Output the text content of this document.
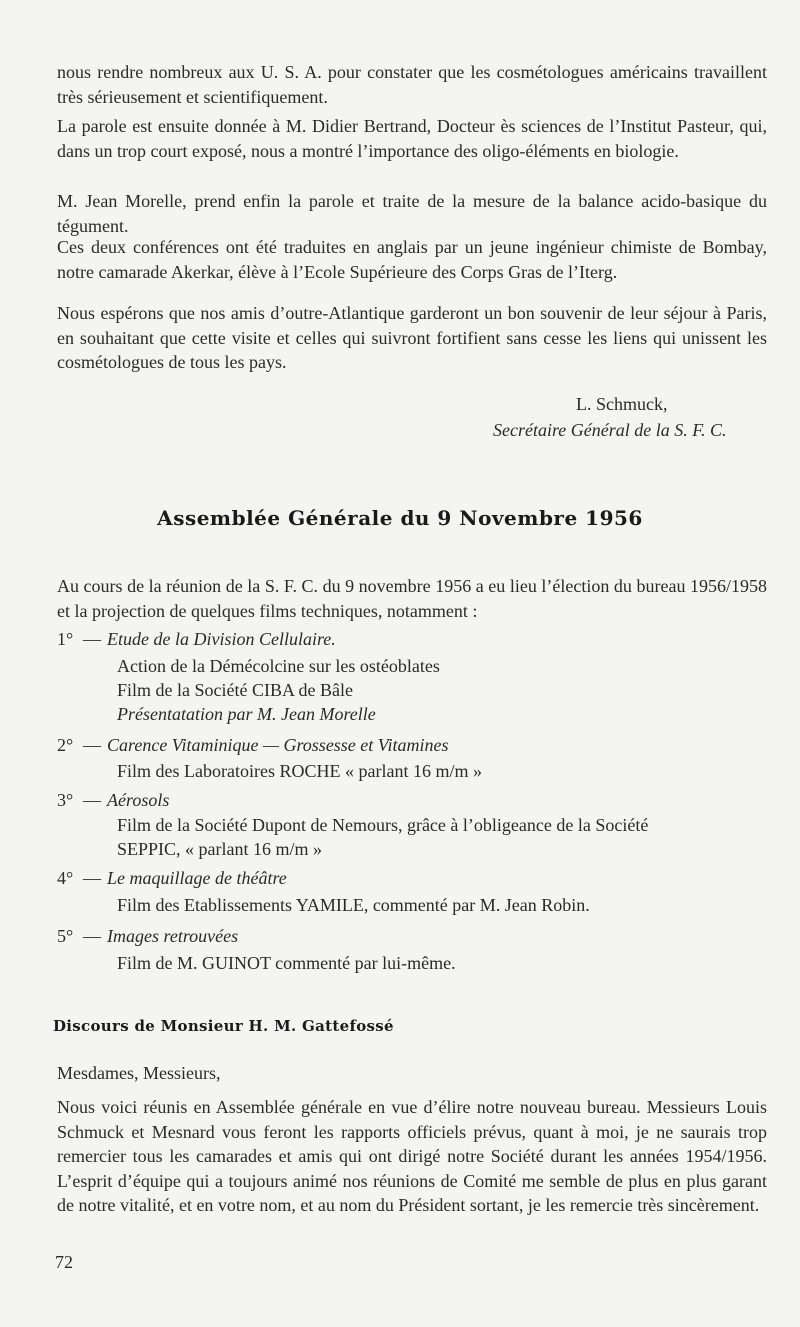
nous rendre nombreux aux U. S. A. pour constater que les cosmétologues américains travaillent très sérieusement et scientifiquement.

La parole est ensuite donnée à M. Didier Bertrand, Docteur ès sciences de l’Institut Pasteur, qui, dans un trop court exposé, nous a montré l’importance des oligo-éléments en biologie.

M. Jean Morelle, prend enfin la parole et traite de la mesure de la balance acido-basique du tégument.

Ces deux conférences ont été traduites en anglais par un jeune ingénieur chimiste de Bombay, notre camarade Akerkar, élève à l’Ecole Supérieure des Corps Gras de l’Iterg.

Nous espérons que nos amis d’outre-Atlantique garderont un bon souvenir de leur séjour à Paris, en souhaitant que cette visite et celles qui suivront fortifient sans cesse les liens qui unissent les cosmétologues de tous les pays.

L. Schmuck,
Secrétaire Général de la S. F. C.
Assemblée Générale du 9 Novembre 1956

Au cours de la réunion de la S. F. C. du 9 novembre 1956 a eu lieu l’élection du bureau 1956/1958 et la projection de quelques films techniques, notamment :

1° — Etude de la Division Cellulaire.
Action de la Démécolcine sur les ostéoblates
Film de la Société CIBA de Bâle
Présentatation par M. Jean Morelle
2° — Carence Vitaminique — Grossesse et Vitamines
Film des Laboratoires ROCHE « parlant 16 m/m »
3° — Aérosols
Film de la Société Dupont de Nemours, grâce à l’obligeance de la Société
SEPPIC, « parlant 16 m/m »
4° — Le maquillage de théâtre
Film des Etablissements YAMILE, commenté par M. Jean Robin.
5° — Images retrouvées
Film de M. GUINOT commenté par lui-même.
Discours de Monsieur H. M. Gattefossé

Mesdames, Messieurs,

Nous voici réunis en Assemblée générale en vue d’élire notre nouveau bureau. Messieurs Louis Schmuck et Mesnard vous feront les rapports officiels prévus, quant à moi, je ne saurais trop remercier tous les camarades et amis qui ont dirigé notre Société durant les années 1954/1956. L’esprit d’équipe qui a toujours animé nos réunions de Comité me semble de plus en plus garant de notre vitalité, et en votre nom, et au nom du Président sortant, je les remercie très sincèrement.

72
